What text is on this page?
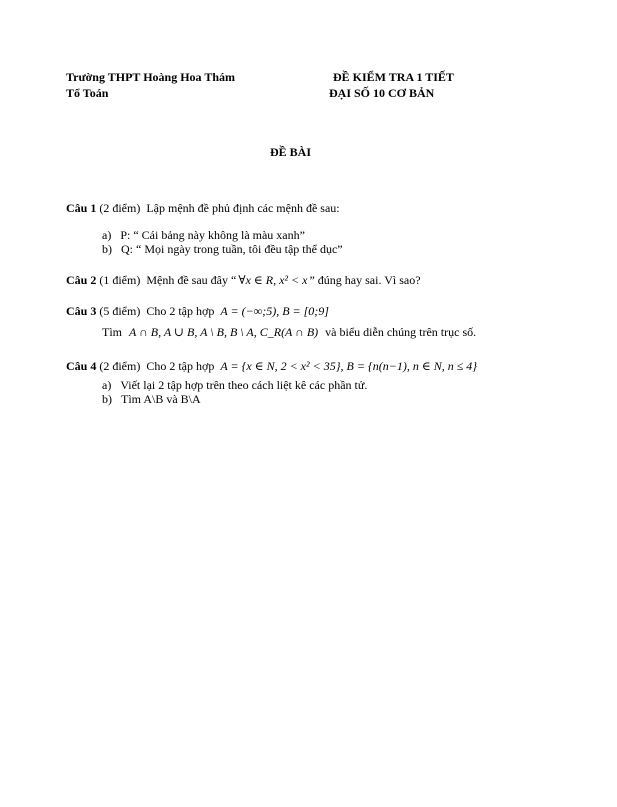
Trường THPT Hoàng Hoa Thám
Tổ Toán
ĐỀ KIỂM TRA 1 TIẾT
ĐẠI SỐ 10 CƠ BẢN
ĐỀ BÀI
Câu 1 (2 điểm) Lập mệnh đề phủ định các mệnh đề sau:
a) P: “ Cái bảng này không là màu xanh”
b) Q: “ Mọi ngày trong tuần, tôi đều tập thể dục”
Câu 2 (1 điểm) Mệnh đề sau đây “ ∀x ∈ R, x² < x ” đúng hay sai. Vì sao?
Câu 3 (5 điểm) Cho 2 tập hợp A = (−∞;5), B = [0;9]
Tìm A ∩ B, A ∪ B, A \ B, B \ A, C_R(A ∩ B) và biểu diễn chúng trên trục số.
Câu 4 (2 điểm) Cho 2 tập hợp A = {x ∈ N, 2 < x² < 35}, B = {n(n−1), n ∈ N, n ≤ 4}
a) Viết lại 2 tập hợp trên theo cách liệt kê các phần tử.
b) Tìm A\B và B\A
